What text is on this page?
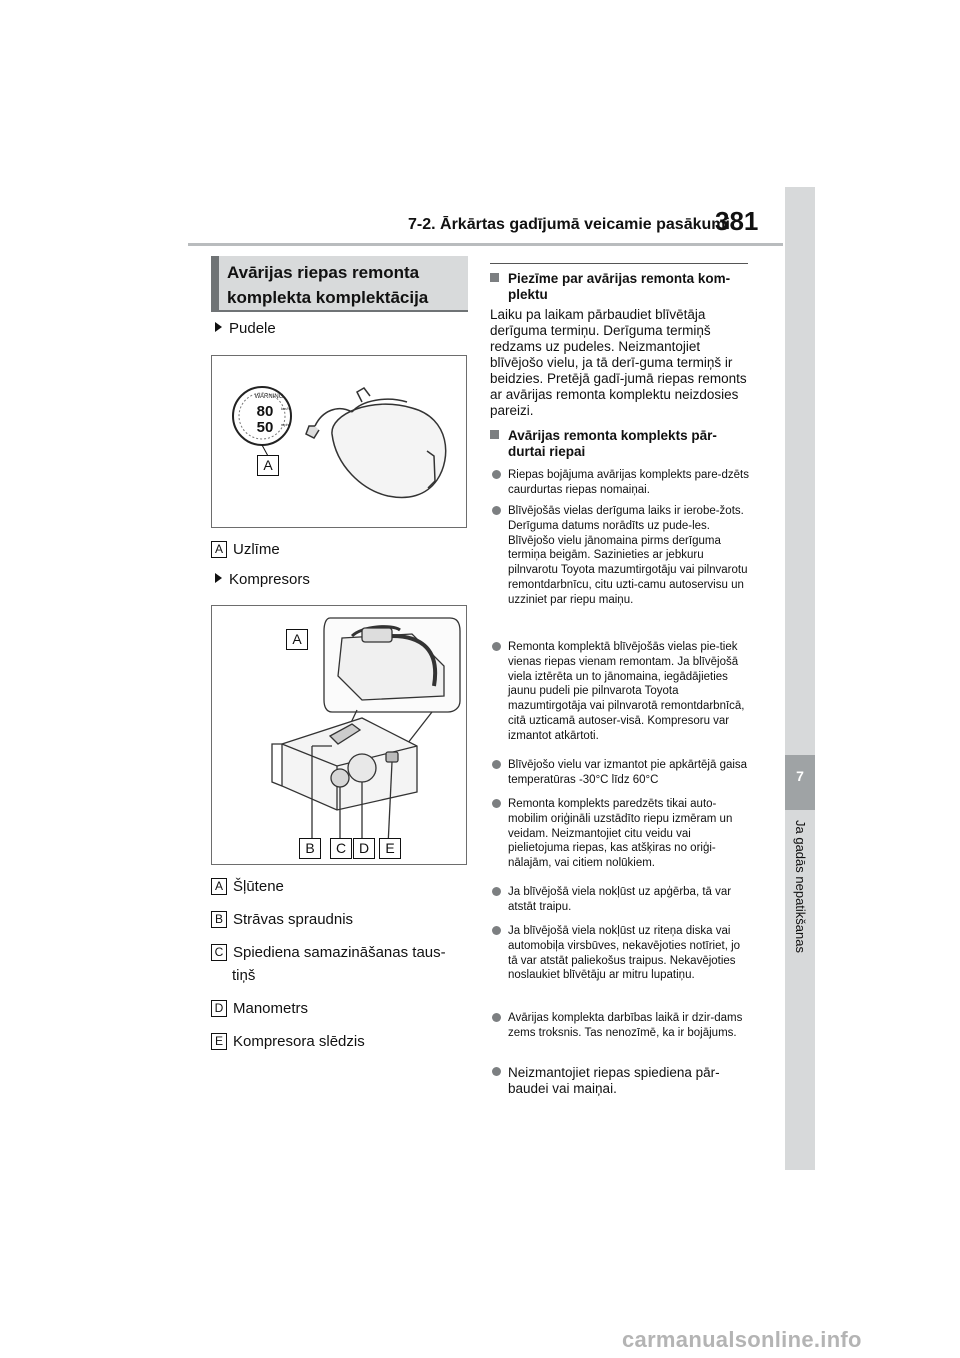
7-2. Ārkārtas gadījumā veicamie pasākumi
381
7
Ja gadās nepatikšanas
Avārijas riepas remonta
komplekta komplektācija
Pudele
WARNING
80
50
km/h
mph
A
A Uzlīme
Kompresors
A
B	C D	E
A Šļūtene
B Strāvas spraudnis
C Spiediena samazināšanas taus-
tiņš
D Manometrs
E Kompresora slēdzis
Piezīme par avārijas remonta kom-plektu
Laiku pa laikam pārbaudiet blīvētāja derīguma termiņu. Derīguma termiņš redzams uz pudeles. Neizmantojiet blīvējošo vielu, ja tā derī-guma termiņš ir beidzies. Pretējā gadī-jumā riepas remonts ar avārijas remonta komplektu neizdosies pareizi.
Avārijas remonta komplekts pār-durtai riepai
Riepas bojājuma avārijas komplekts pare-dzēts caurdurtas riepas nomaiņai.
Blīvējošās vielas derīguma laiks ir ierobe-žots. Derīguma datums norādīts uz pude-les. Blīvējošo vielu jānomaina pirms derīguma termiņa beigām. Sazinieties ar jebkuru pilnvarotu Toyota mazumtirgotāju vai pilnvarotu remontdarbnīcu, citu uzti-camu autoservisu un uzziniet par riepu maiņu.
Remonta komplektā blīvējošās vielas pie-tiek vienas riepas vienam remontam. Ja blīvējošā viela iztērēta un to jānomaina, iegādājieties jaunu pudeli pie pilnvarota Toyota mazumtirgotāja vai pilnvarotā remontdarbnīcā, citā uzticamā autoser-visā. Kompresoru var izmantot atkārtoti.
Blīvējošo vielu var izmantot pie apkārtējā gaisa temperatūras -30°C līdz 60°C
Remonta komplekts paredzēts tikai auto-mobilim oriģināli uzstādīto riepu izmēram un veidam. Neizmantojiet citu veidu vai pielietojuma riepas, kas atšķiras no oriģi-nālajām, vai citiem nolūkiem.
Ja blīvējošā viela nokļūst uz apģērba, tā var atstāt traipu.
Ja blīvējošā viela nokļūst uz riteņa diska vai automobiļa virsbūves, nekavējoties notīriet, jo tā var atstāt paliekošus traipus. Nekavējoties noslaukiet blīvētāju ar mitru lupatiņu.
Avārijas komplekta darbības laikā ir dzir-dams zems troksnis. Tas nenozīmē, ka ir bojājums.
Neizmantojiet riepas spiediena pār-baudei vai maiņai.
carmanualsonline.info
